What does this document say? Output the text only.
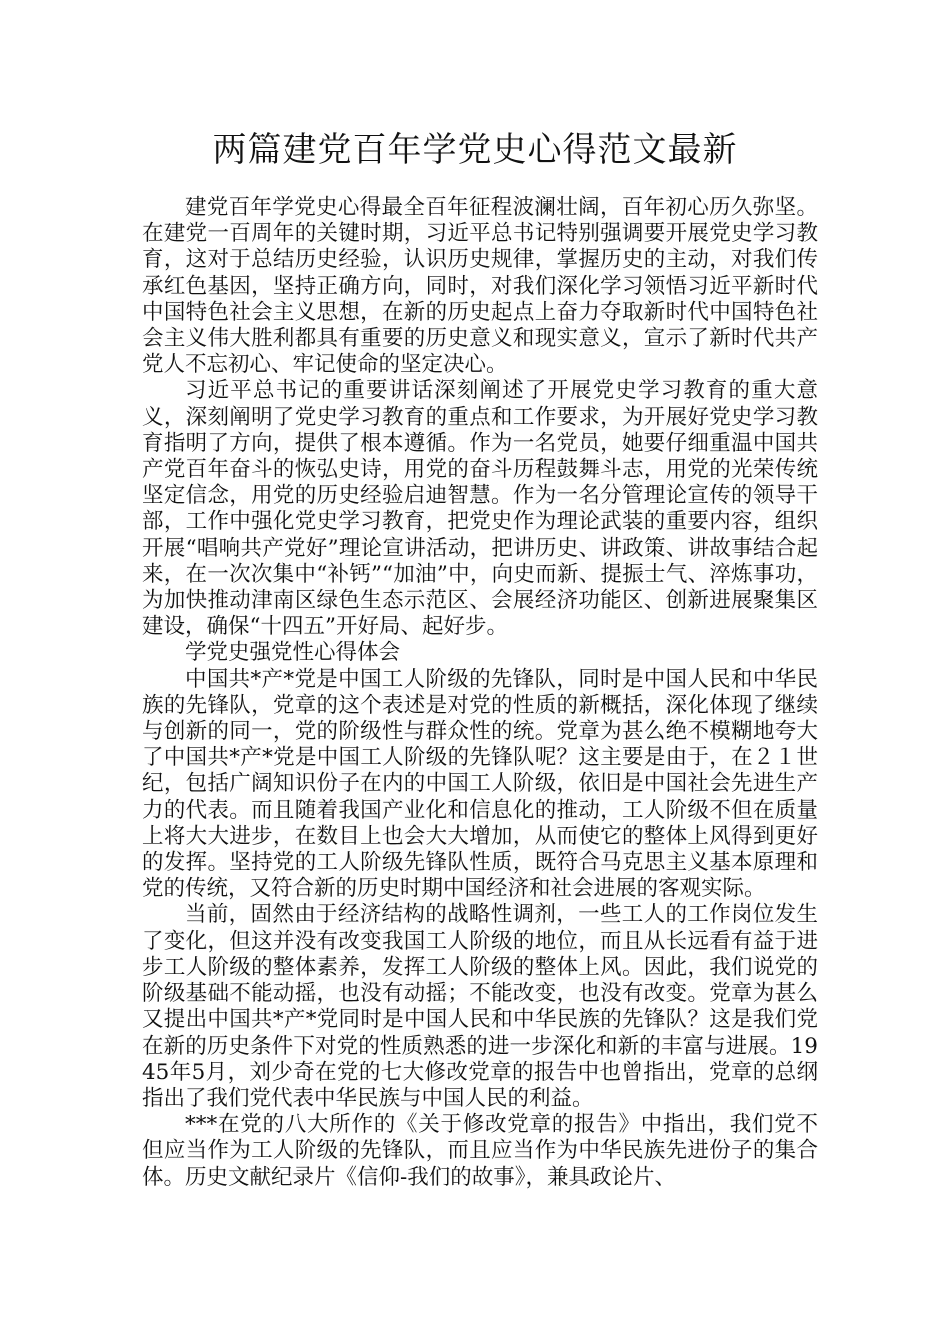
两篇建党百年学党史心得范文最新

建党百年学党史心得最全百年征程波澜壮阔，百年初心历久弥坚。在建党一百周年的关键时期，习近平总书记特别强调要开展党史学习教育，这对于总结历史经验，认识历史规律，掌握历史的主动，对我们传承红色基因，坚持正确方向，同时，对我们深化学习领悟习近平新时代中国特色社会主义思想，在新的历史起点上奋力夺取新时代中国特色社会主义伟大胜利都具有重要的历史意义和现实意义，宣示了新时代共产党人不忘初心、牢记使命的坚定决心。

习近平总书记的重要讲话深刻阐述了开展党史学习教育的重大意义，深刻阐明了党史学习教育的重点和工作要求，为开展好党史学习教育指明了方向，提供了根本遵循。作为一名党员，她要仔细重温中国共产党百年奋斗的恢弘史诗，用党的奋斗历程鼓舞斗志，用党的光荣传统坚定信念，用党的历史经验启迪智慧。作为一名分管理论宣传的领导干部，工作中强化党史学习教育，把党史作为理论武装的重要内容，组织开展“唱响共产党好”理论宣讲活动，把讲历史、讲政策、讲故事结合起来，在一次次集中“补钙”“加油”中，向史而新、提振士气、淬炼事功，为加快推动津南区绿色生态示范区、会展经济功能区、创新进展聚集区建设，确保“十四五”开好局、起好步。

学党史强党性心得体会

中国共*产*党是中国工人阶级的先锋队，同时是中国人民和中华民族的先锋队，党章的这个表述是对党的性质的新概括，深化体现了继续与创新的同一，党的阶级性与群众性的统。党章为甚么绝不模糊地夸大了中国共*产*党是中国工人阶级的先锋队呢？这主要是由于，在２１世纪，包括广阔知识份子在内的中国工人阶级，依旧是中国社会先进生产力的代表。而且随着我国产业化和信息化的推动，工人阶级不但在质量上将大大进步，在数目上也会大大增加，从而使它的整体上风得到更好的发挥。坚持党的工人阶级先锋队性质，既符合马克思主义基本原理和党的传统，又符合新的历史时期中国经济和社会进展的客观实际。

当前，固然由于经济结构的战略性调剂，一些工人的工作岗位发生了变化，但这并没有改变我国工人阶级的地位，而且从长远看有益于进步工人阶级的整体素养，发挥工人阶级的整体上风。因此，我们说党的阶级基础不能动摇，也没有动摇；不能改变，也没有改变。党章为甚么又提出中国共*产*党同时是中国人民和中华民族的先锋队？这是我们党在新的历史条件下对党的性质熟悉的进一步深化和新的丰富与进展。1945年5月，刘少奇在党的七大修改党章的报告中也曾指出，党章的总纲指出了我们党代表中华民族与中国人民的利益。

***在党的八大所作的《关于修改党章的报告》中指出，我们党不但应当作为工人阶级的先锋队，而且应当作为中华民族先进份子的集合体。历史文献纪录片《信仰-我们的故事》，兼具政论片、
